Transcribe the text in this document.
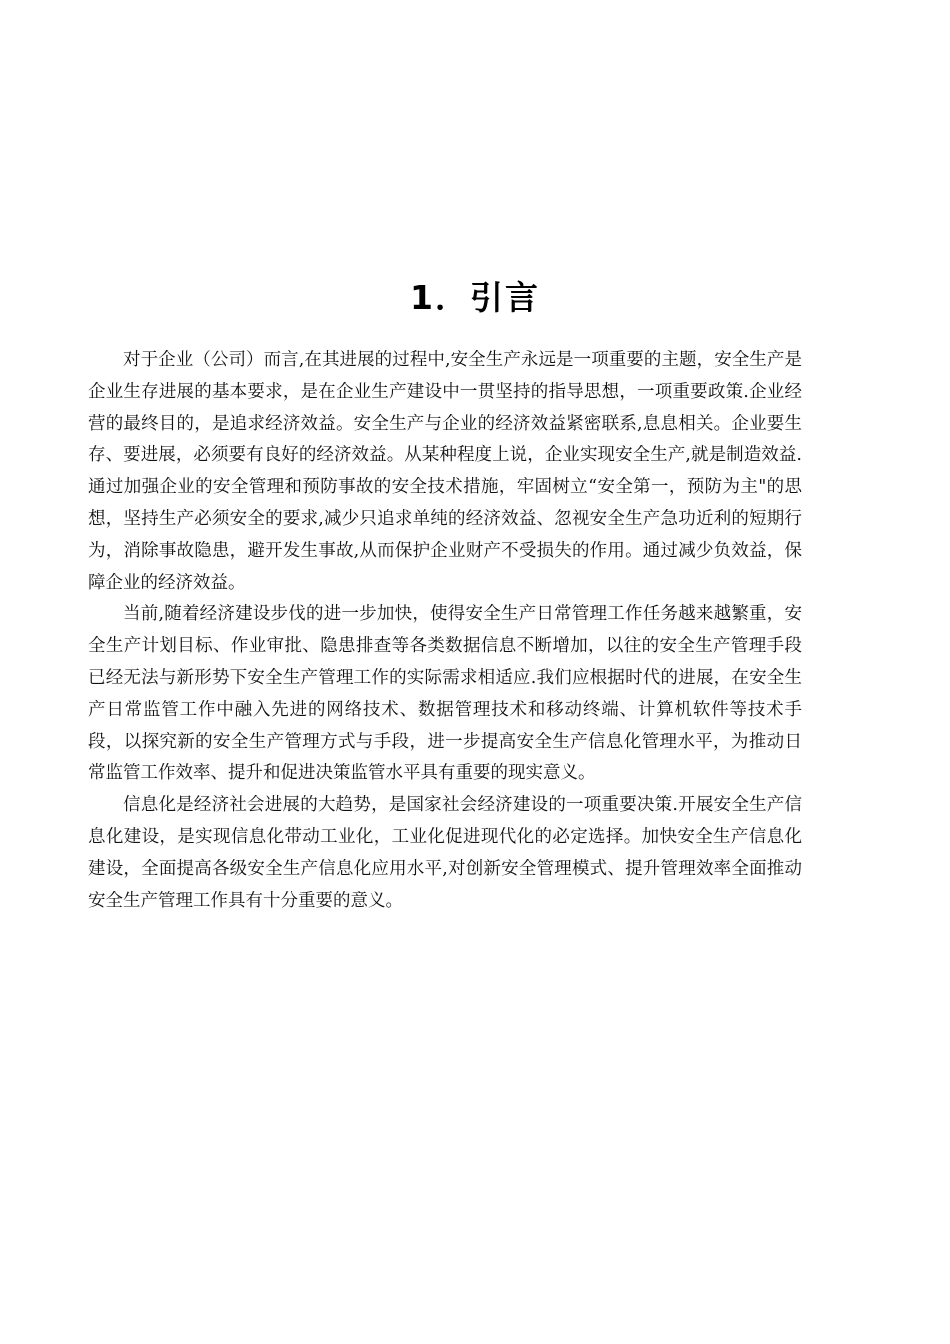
1．引言

对于企业（公司）而言,在其进展的过程中,安全生产永远是一项重要的主题，安全生产是企业生存进展的基本要求，是在企业生产建设中一贯坚持的指导思想，一项重要政策.企业经营的最终目的，是追求经济效益。安全生产与企业的经济效益紧密联系,息息相关。企业要生存、要进展，必须要有良好的经济效益。从某种程度上说，企业实现安全生产,就是制造效益.通过加强企业的安全管理和预防事故的安全技术措施，牢固树立“安全第一，预防为主"的思想，坚持生产必须安全的要求,减少只追求单纯的经济效益、忽视安全生产急功近利的短期行为，消除事故隐患，避开发生事故,从而保护企业财产不受损失的作用。通过减少负效益，保障企业的经济效益。

当前,随着经济建设步伐的进一步加快，使得安全生产日常管理工作任务越来越繁重，安全生产计划目标、作业审批、隐患排查等各类数据信息不断增加，以往的安全生产管理手段已经无法与新形势下安全生产管理工作的实际需求相适应.我们应根据时代的进展，在安全生产日常监管工作中融入先进的网络技术、数据管理技术和移动终端、计算机软件等技术手段，以探究新的安全生产管理方式与手段，进一步提高安全生产信息化管理水平，为推动日常监管工作效率、提升和促进决策监管水平具有重要的现实意义。

信息化是经济社会进展的大趋势，是国家社会经济建设的一项重要决策.开展安全生产信息化建设，是实现信息化带动工业化，工业化促进现代化的必定选择。加快安全生产信息化建设，全面提高各级安全生产信息化应用水平,对创新安全管理模式、提升管理效率全面推动安全生产管理工作具有十分重要的意义。
